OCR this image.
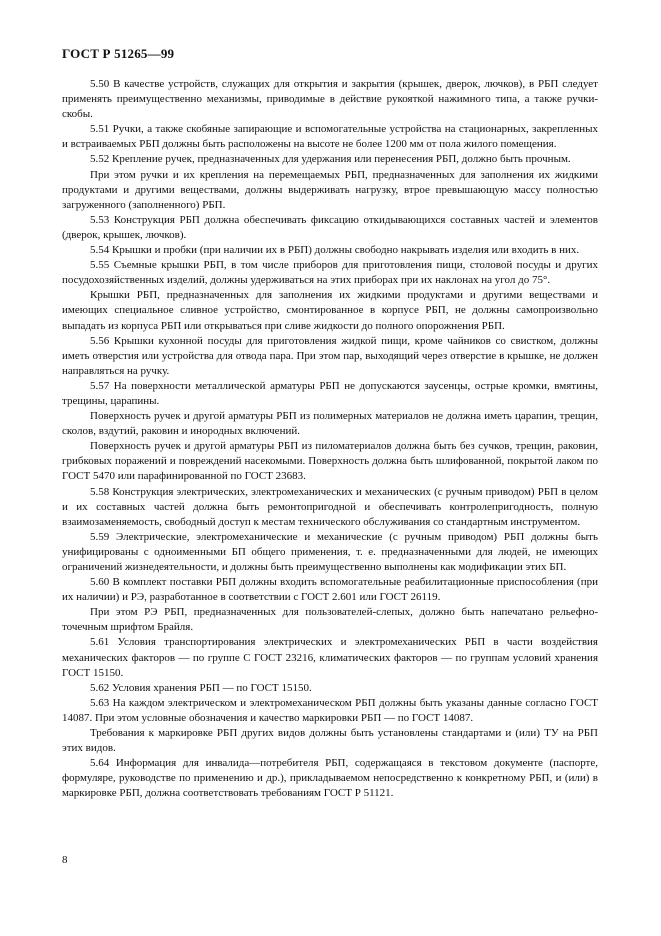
ГОСТ Р 51265—99

5.50 В качестве устройств, служащих для открытия и закрытия (крышек, дверок, лючков), в РБП следует применять преимущественно механизмы, приводимые в действие рукояткой нажимного типа, а также ручки-скобы.

5.51 Ручки, а также скобяные запирающие и вспомогательные устройства на стационарных, закрепленных и встраиваемых РБП должны быть расположены на высоте не более 1200 мм от пола жилого помещения.

5.52 Крепление ручек, предназначенных для удержания или перенесения РБП, должно быть прочным.

При этом ручки и их крепления на перемещаемых РБП, предназначенных для заполнения их жидкими продуктами и другими веществами, должны выдерживать нагрузку, втрое превышающую массу полностью загруженного (заполненного) РБП.

5.53 Конструкция РБП должна обеспечивать фиксацию откидывающихся составных частей и элементов (дверок, крышек, лючков).

5.54 Крышки и пробки (при наличии их в РБП) должны свободно накрывать изделия или входить в них.

5.55 Съемные крышки РБП, в том числе приборов для приготовления пищи, столовой посуды и других посудохозяйственных изделий, должны удерживаться на этих приборах при их наклонах на угол до 75°.

Крышки РБП, предназначенных для заполнения их жидкими продуктами и другими веществами и имеющих специальное сливное устройство, смонтированное в корпусе РБП, не должны самопроизвольно выпадать из корпуса РБП или открываться при сливе жидкости до полного опорожнения РБП.

5.56 Крышки кухонной посуды для приготовления жидкой пищи, кроме чайников со свистком, должны иметь отверстия или устройства для отвода пара. При этом пар, выходящий через отверстие в крышке, не должен направляться на ручку.

5.57 На поверхности металлической арматуры РБП не допускаются заусенцы, острые кромки, вмятины, трещины, царапины.

Поверхность ручек и другой арматуры РБП из полимерных материалов не должна иметь царапин, трещин, сколов, вздутий, раковин и инородных включений.

Поверхность ручек и другой арматуры РБП из пиломатериалов должна быть без сучков, трещин, раковин, грибковых поражений и повреждений насекомыми. Поверхность должна быть шлифованной, покрытой лаком по ГОСТ 5470 или парафинированной по ГОСТ 23683.

5.58 Конструкция электрических, электромеханических и механических (с ручным приводом) РБП в целом и их составных частей должна быть ремонтопригодной и обеспечивать контролепригодность, полную взаимозаменяемость, свободный доступ к местам технического обслуживания со стандартным инструментом.

5.59 Электрические, электромеханические и механические (с ручным приводом) РБП должны быть унифицированы с одноименными БП общего применения, т. е. предназначенными для людей, не имеющих ограничений жизнедеятельности, и должны быть преимущественно выполнены как модификации этих БП.

5.60 В комплект поставки РБП должны входить вспомогательные реабилитационные приспособления (при их наличии) и РЭ, разработанное в соответствии с ГОСТ 2.601 или ГОСТ 26119.

При этом РЭ РБП, предназначенных для пользователей-слепых, должно быть напечатано рельефно-точечным шрифтом Брайля.

5.61 Условия транспортирования электрических и электромеханических РБП в части воздействия механических факторов — по группе С ГОСТ 23216, климатических факторов — по группам условий хранения ГОСТ 15150.

5.62 Условия хранения РБП — по ГОСТ 15150.

5.63 На каждом электрическом и электромеханическом РБП должны быть указаны данные согласно ГОСТ 14087. При этом условные обозначения и качество маркировки РБП — по ГОСТ 14087.

Требования к маркировке РБП других видов должны быть установлены стандартами и (или) ТУ на РБП этих видов.

5.64 Информация для инвалида—потребителя РБП, содержащаяся в текстовом документе (паспорте, формуляре, руководстве по применению и др.), прикладываемом непосредственно к конкретному РБП, и (или) в маркировке РБП, должна соответствовать требованиям ГОСТ Р 51121.

8
